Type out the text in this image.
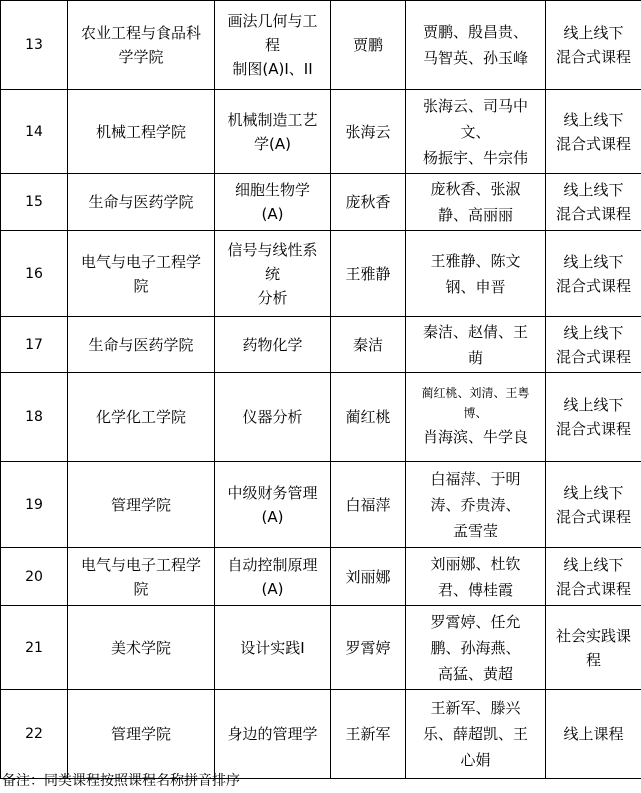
13	农业工程与食品科
学学院	画法几何与工
程
制图(A)I、II	贾鹏	贾鹏、殷昌贵、
马智英、孙玉峰	线上线下
混合式课程

14	机械工程学院	机械制造工艺
学(A)	张海云	张海云、司马中
文、
杨振宇、牛宗伟	线上线下
混合式课程

15	生命与医药学院	细胞生物学
(A)	庞秋香	庞秋香、张淑
静、高丽丽	线上线下
混合式课程

16	电气与电子工程学
院	信号与线性系
统
分析	王雅静	王雅静、陈文
钢、申晋	线上线下
混合式课程

17	生命与医药学院	药物化学	秦洁	秦洁、赵倩、王
萌	线上线下
混合式课程

18	化学化工学院	仪器分析	蔺红桃	蔺红桃、刘清、王粤
博、
肖海滨、牛学良	线上线下
混合式课程

19	管理学院	中级财务管理
(A)	白福萍	白福萍、于明
涛、乔贵涛、
孟雪莹	线上线下
混合式课程

20	电气与电子工程学
院	自动控制原理
(A)	刘丽娜	刘丽娜、杜钦
君、傅桂霞	线上线下
混合式课程

21	美术学院	设计实践Ⅰ	罗霄婷	罗霄婷、任允
鹏、孙海燕、
高猛、黄超	社会实践课
程

22	管理学院	身边的管理学	王新军	王新军、滕兴
乐、薛超凯、王
心娟	线上课程
备注：同类课程按照课程名称拼音排序
